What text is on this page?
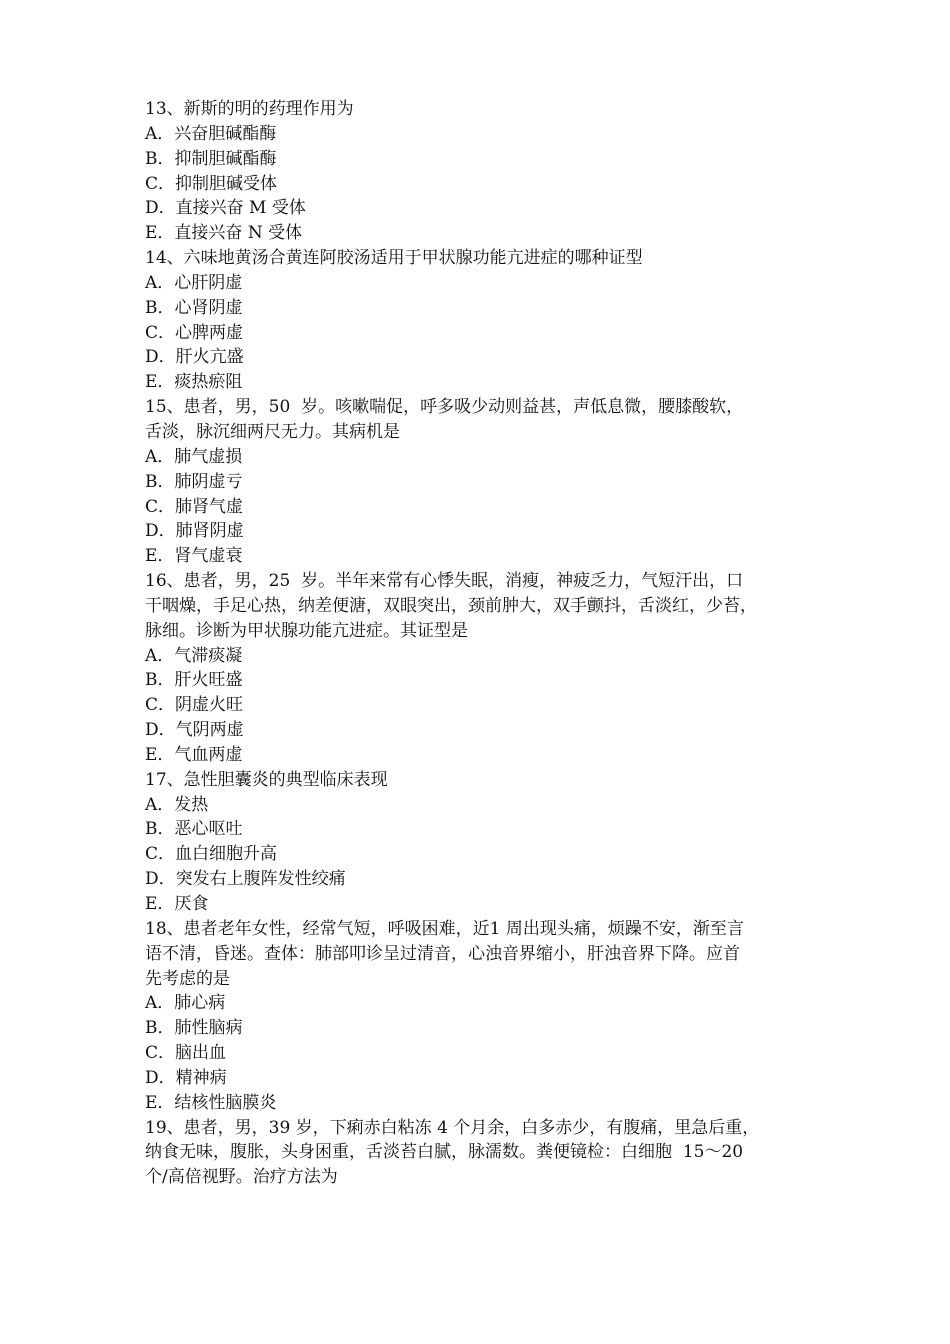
13、新斯的明的药理作用为
A．兴奋胆碱酯酶
B．抑制胆碱酯酶
C．抑制胆碱受体
D．直接兴奋 M 受体
E．直接兴奋 N 受体
14、六味地黄汤合黄连阿胶汤适用于甲状腺功能亢进症的哪种证型
A．心肝阴虚
B．心肾阴虚
C．心脾两虚
D．肝火亢盛
E．痰热瘀阻
15、患者，男，50  岁。咳嗽喘促，呼多吸少动则益甚，声低息微，腰膝酸软，
舌淡，脉沉细两尺无力。其病机是
A．肺气虚损
B．肺阴虚亏
C．肺肾气虚
D．肺肾阴虚
E．肾气虚衰
16、患者，男，25  岁。半年来常有心悸失眠，消瘦，神疲乏力，气短汗出，口
干咽燥，手足心热，纳差便溏，双眼突出，颈前肿大，双手颤抖，舌淡红，少苔，
脉细。诊断为甲状腺功能亢进症。其证型是
A．气滞痰凝
B．肝火旺盛
C．阴虚火旺
D．气阴两虚
E．气血两虚
17、急性胆囊炎的典型临床表现
A．发热
B．恶心呕吐
C．血白细胞升高
D．突发右上腹阵发性绞痛
E．厌食
18、患者老年女性，经常气短，呼吸困难，近1 周出现头痛，烦躁不安，渐至言
语不清，昏迷。查体：肺部叩诊呈过清音，心浊音界缩小，肝浊音界下降。应首
先考虑的是
A．肺心病
B．肺性脑病
C．脑出血
D．精神病
E．结核性脑膜炎
19、患者，男，39 岁，下痢赤白粘冻 4 个月余，白多赤少，有腹痛，里急后重，
纳食无味，腹胀，头身困重，舌淡苔白腻，脉濡数。粪便镜检：白细胞  15～20
个/高倍视野。治疗方法为
